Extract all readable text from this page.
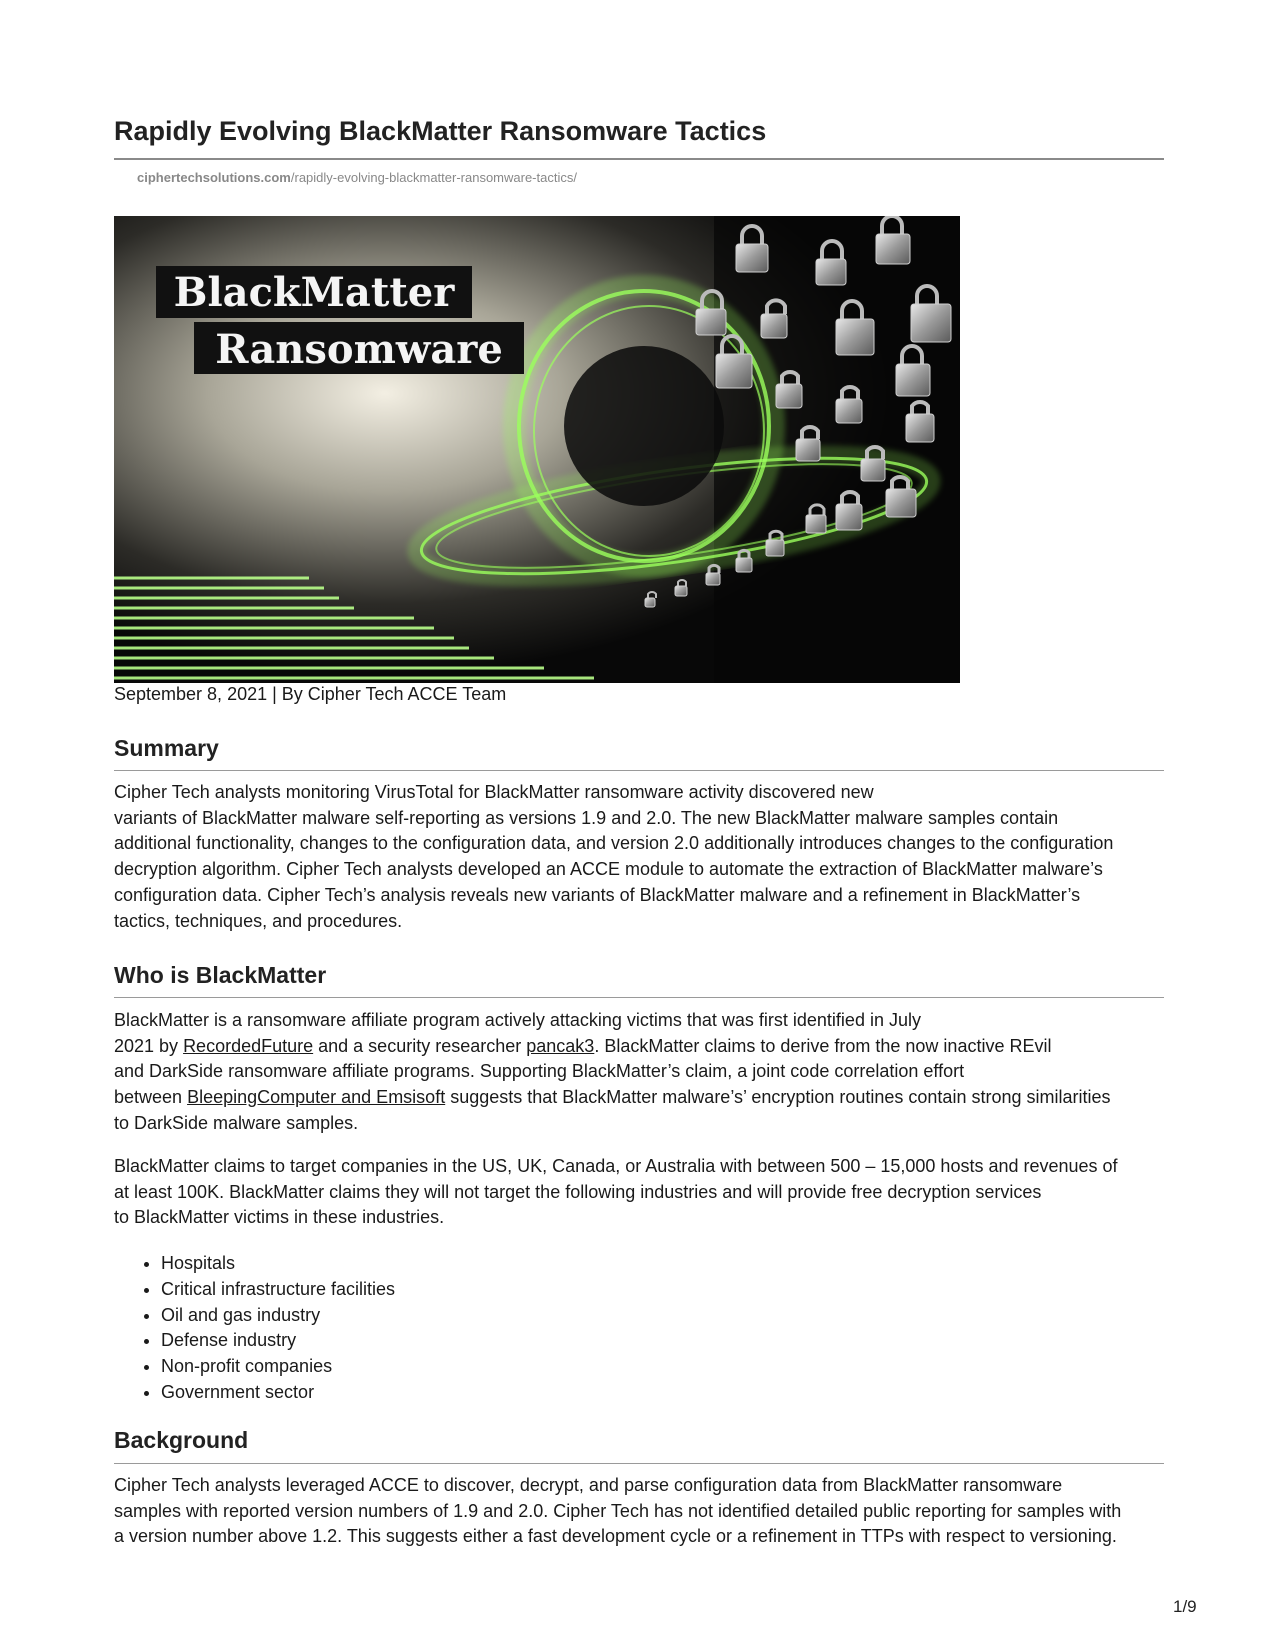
Rapidly Evolving BlackMatter Ransomware Tactics
ciphertechsolutions.com/rapidly-evolving-blackmatter-ransomware-tactics/
BlackMatter
Ransomware
September 8, 2021 | By Cipher Tech ACCE Team
Summary
Cipher Tech analysts monitoring VirusTotal for BlackMatter ransomware activity discovered new
variants of BlackMatter malware self-reporting as versions 1.9 and 2.0. The new BlackMatter malware samples contain
additional functionality, changes to the configuration data, and version 2.0 additionally introduces changes to the configuration
decryption algorithm. Cipher Tech analysts developed an ACCE module to automate the extraction of BlackMatter malware’s
configuration data. Cipher Tech’s analysis reveals new variants of BlackMatter malware and a refinement in BlackMatter’s
tactics, techniques, and procedures.
Who is BlackMatter
BlackMatter is a ransomware affiliate program actively attacking victims that was first identified in July
2021 by RecordedFuture and a security researcher pancak3. BlackMatter claims to derive from the now inactive REvil
and DarkSide ransomware affiliate programs. Supporting BlackMatter’s claim, a joint code correlation effort
between BleepingComputer and Emsisoft suggests that BlackMatter malware’s’ encryption routines contain strong similarities
to DarkSide malware samples.
BlackMatter claims to target companies in the US, UK, Canada, or Australia with between 500 – 15,000 hosts and revenues of
at least 100K. BlackMatter claims they will not target the following industries and will provide free decryption services
to BlackMatter victims in these industries.
• Hospitals
• Critical infrastructure facilities
• Oil and gas industry
• Defense industry
• Non-profit companies
• Government sector
Background
Cipher Tech analysts leveraged ACCE to discover, decrypt, and parse configuration data from BlackMatter ransomware
samples with reported version numbers of 1.9 and 2.0. Cipher Tech has not identified detailed public reporting for samples with
a version number above 1.2. This suggests either a fast development cycle or a refinement in TTPs with respect to versioning.
1/9
